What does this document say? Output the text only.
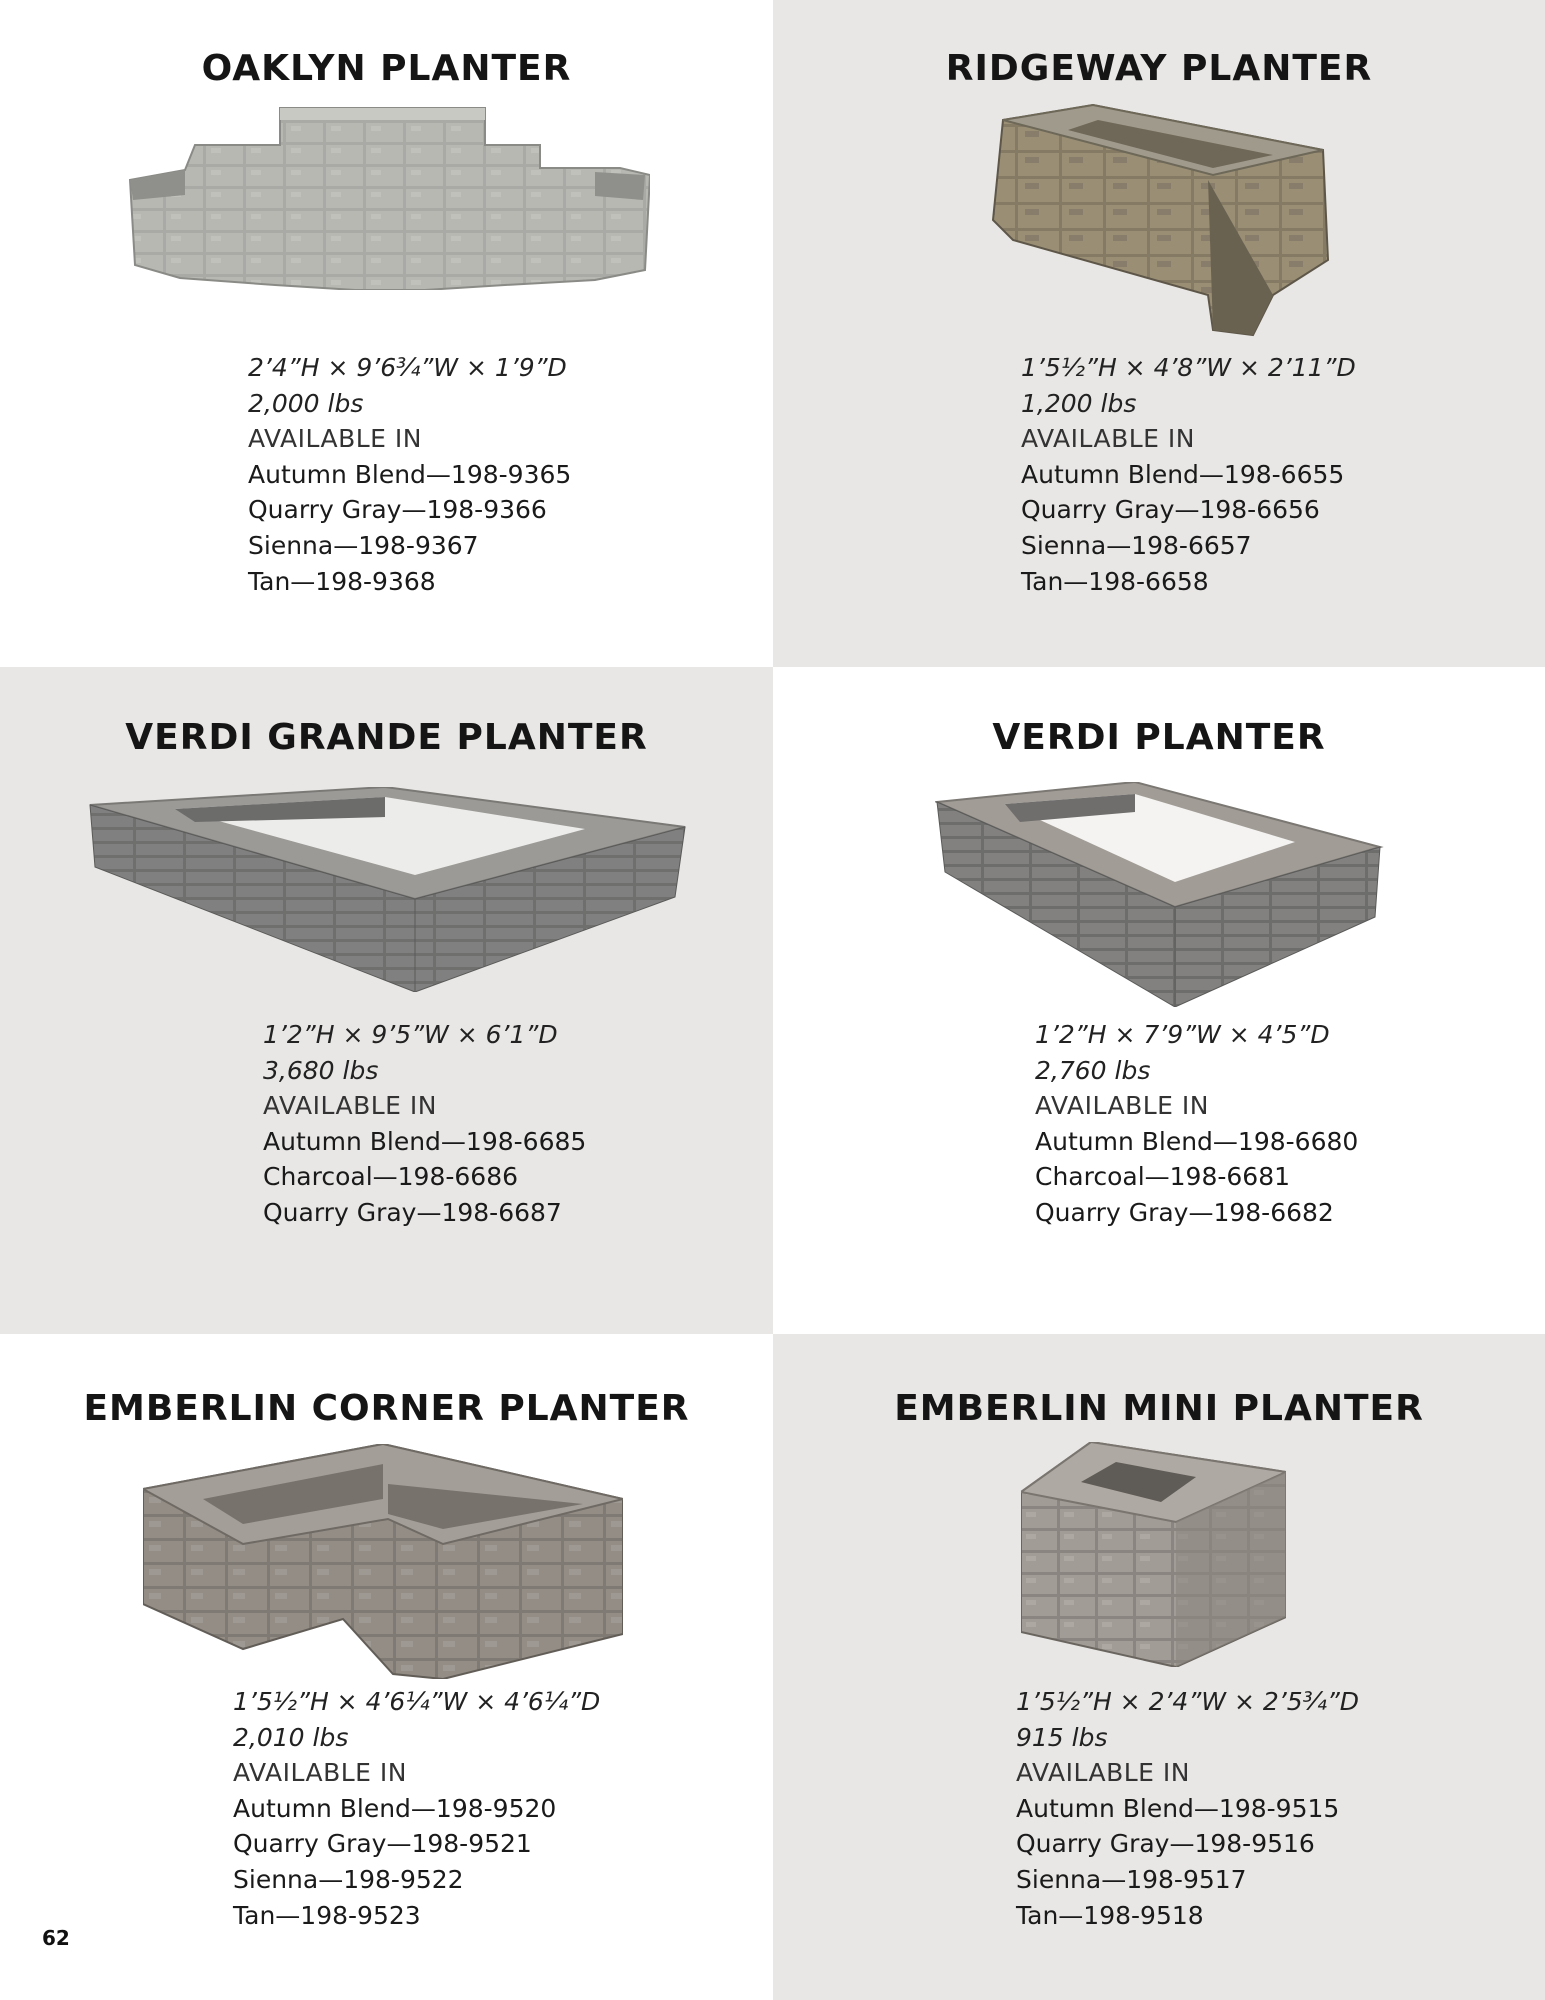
OAKLYN PLANTER
2’4”H × 9’6¾”W × 1’9”D
2,000 lbs
AVAILABLE IN
Autumn Blend—198-9365
Quarry Gray—198-9366
Sienna—198-9367
Tan—198-9368
RIDGEWAY PLANTER
1’5½”H × 4’8”W × 2’11”D
1,200 lbs
AVAILABLE IN
Autumn Blend—198-6655
Quarry Gray—198-6656
Sienna—198-6657
Tan—198-6658
VERDI GRANDE PLANTER
1’2”H × 9’5”W × 6’1”D
3,680 lbs
AVAILABLE IN
Autumn Blend—198-6685
Charcoal—198-6686
Quarry Gray—198-6687
VERDI PLANTER
1’2”H × 7’9”W × 4’5”D
2,760 lbs
AVAILABLE IN
Autumn Blend—198-6680
Charcoal—198-6681
Quarry Gray—198-6682
EMBERLIN CORNER PLANTER
1’5½”H × 4’6¼”W × 4’6¼”D
2,010 lbs
AVAILABLE IN
Autumn Blend—198-9520
Quarry Gray—198-9521
Sienna—198-9522
Tan—198-9523
EMBERLIN MINI PLANTER
1’5½”H × 2’4”W × 2’5¾”D
915 lbs
AVAILABLE IN
Autumn Blend—198-9515
Quarry Gray—198-9516
Sienna—198-9517
Tan—198-9518
62
